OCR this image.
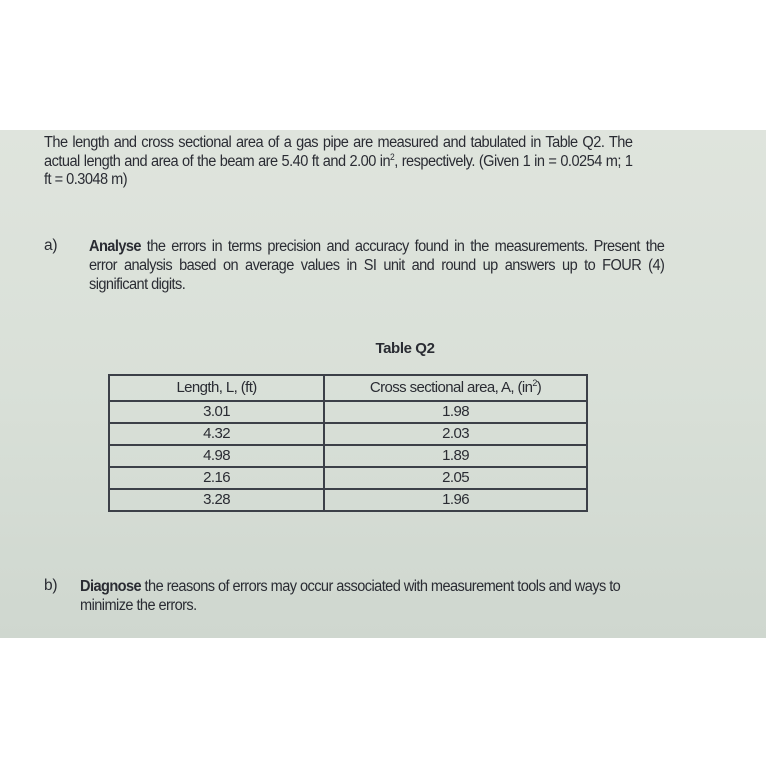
The length and cross sectional area of a gas pipe are measured and tabulated in Table Q2. The actual length and area of the beam are 5.40 ft and 2.00 $in^2$, respectively. (Given 1 in = 0.0254 m; 1 ft = 0.3048 m)
a) Analyse the errors in terms precision and accuracy found in the measurements. Present the error analysis based on average values in SI unit and round up answers up to FOUR (4) significant digits.
Table Q2
Length, L, (ft)	Cross sectional area, A, $(in^2)$
3.01	1.98
4.32	2.03
4.98	1.89
2.16	2.05
3.28	1.96
b) Diagnose the reasons of errors may occur associated with measurement tools and ways to minimize the errors.
